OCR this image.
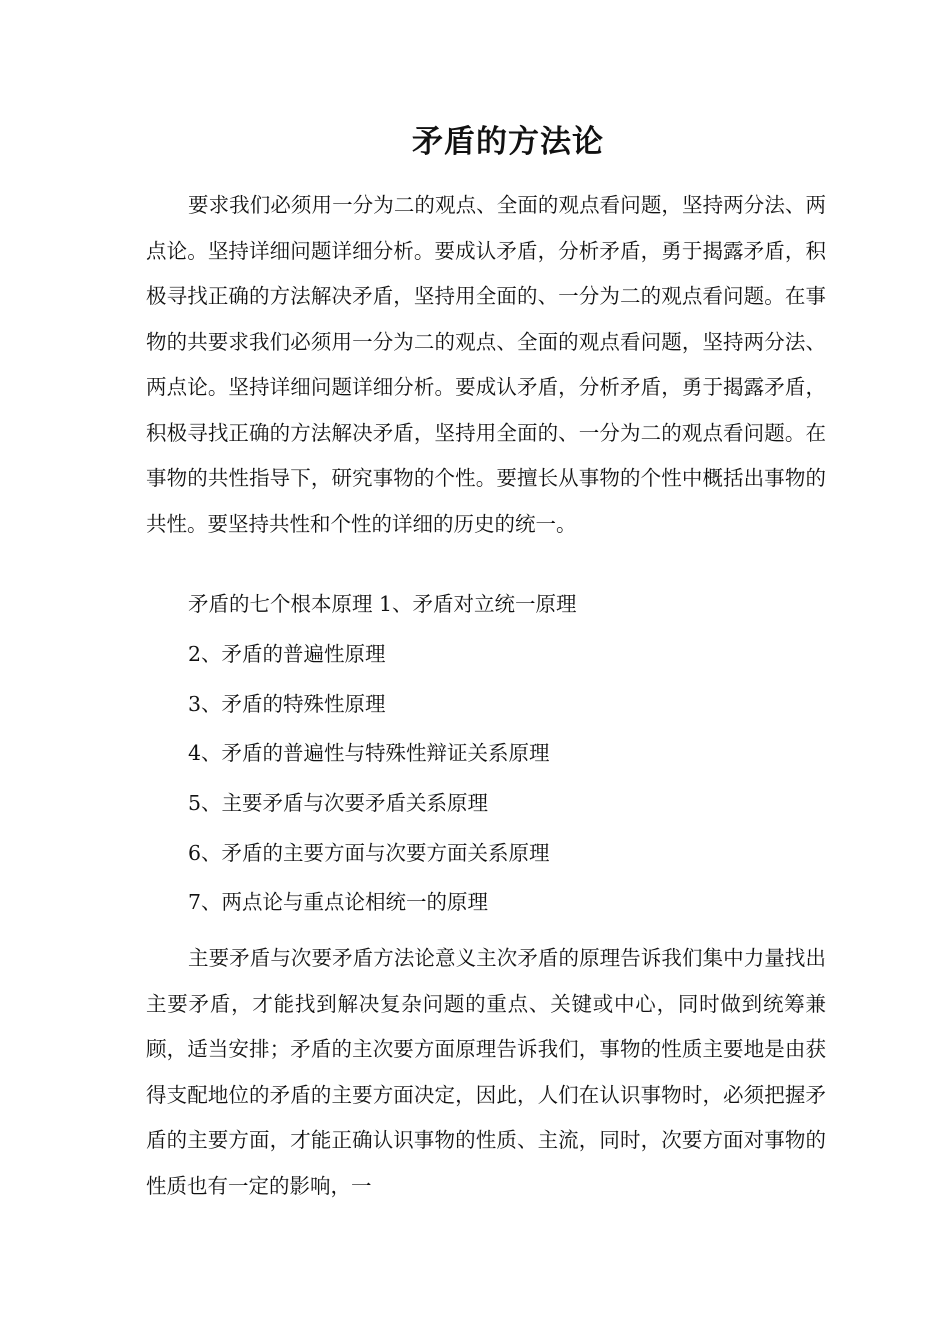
矛盾的方法论

要求我们必须用一分为二的观点、全面的观点看问题，坚持两分法、两点论。坚持详细问题详细分析。要成认矛盾，分析矛盾，勇于揭露矛盾，积极寻找正确的方法解决矛盾，坚持用全面的、一分为二的观点看问题。在事物的共要求我们必须用一分为二的观点、全面的观点看问题，坚持两分法、两点论。坚持详细问题详细分析。要成认矛盾，分析矛盾，勇于揭露矛盾，积极寻找正确的方法解决矛盾，坚持用全面的、一分为二的观点看问题。在事物的共性指导下，研究事物的个性。要擅长从事物的个性中概括出事物的共性。要坚持共性和个性的详细的历史的统一。

矛盾的七个根本原理 1、矛盾对立统一原理

2、矛盾的普遍性原理

3、矛盾的特殊性原理

4、矛盾的普遍性与特殊性辩证关系原理

5、主要矛盾与次要矛盾关系原理

6、矛盾的主要方面与次要方面关系原理

7、两点论与重点论相统一的原理

主要矛盾与次要矛盾方法论意义主次矛盾的原理告诉我们集中力量找出主要矛盾，才能找到解决复杂问题的重点、关键或中心，同时做到统筹兼顾，适当安排；矛盾的主次要方面原理告诉我们，事物的性质主要地是由获得支配地位的矛盾的主要方面决定，因此，人们在认识事物时，必须把握矛盾的主要方面，才能正确认识事物的性质、主流，同时，次要方面对事物的性质也有一定的影响，一
